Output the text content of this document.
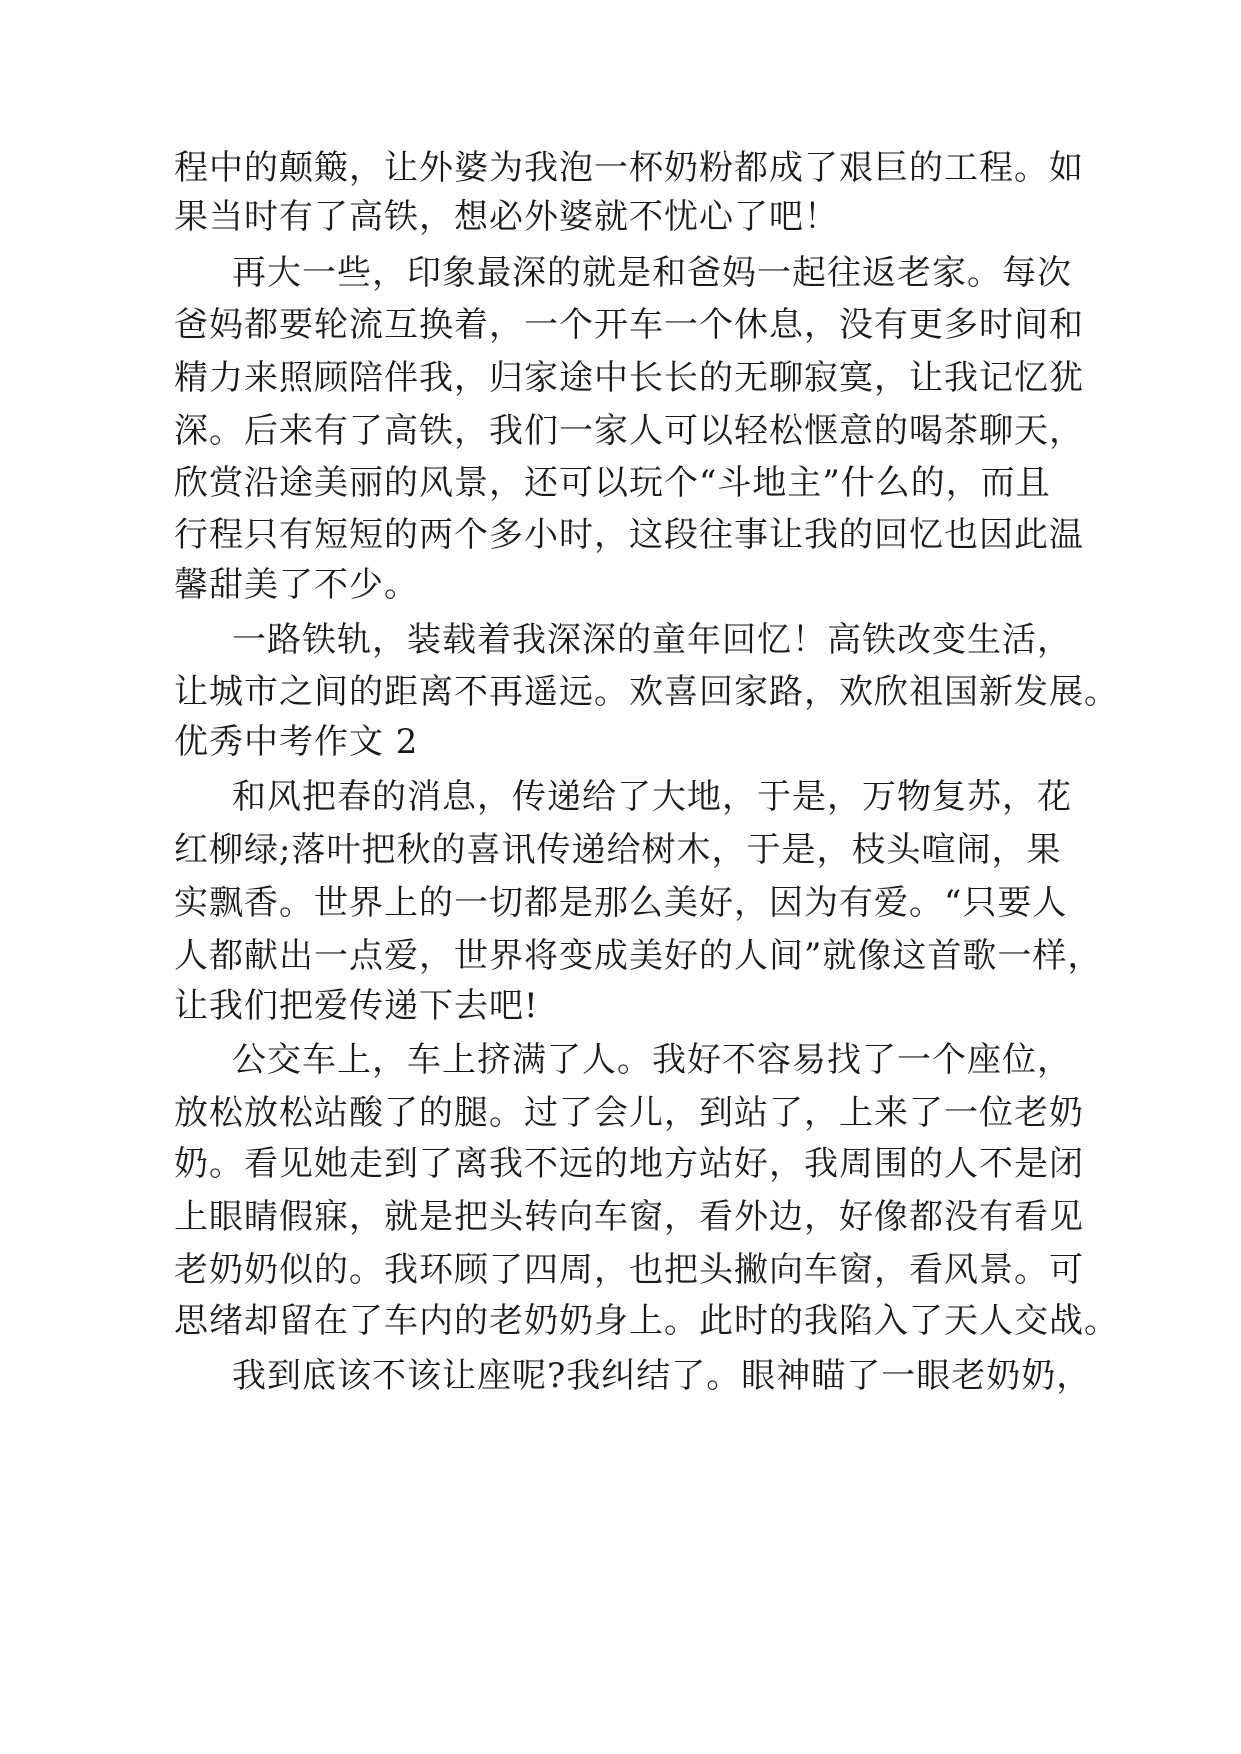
程中的颠簸，让外婆为我泡一杯奶粉都成了艰巨的工程。如
果当时有了高铁，想必外婆就不忧心了吧！
再大一些，印象最深的就是和爸妈一起往返老家。每次
爸妈都要轮流互换着，一个开车一个休息，没有更多时间和
精力来照顾陪伴我，归家途中长长的无聊寂寞，让我记忆犹
深。后来有了高铁，我们一家人可以轻松惬意的喝茶聊天，
欣赏沿途美丽的风景，还可以玩个“斗地主”什么的，而且
行程只有短短的两个多小时，这段往事让我的回忆也因此温
馨甜美了不少。
一路铁轨，装载着我深深的童年回忆！高铁改变生活，
让城市之间的距离不再遥远。欢喜回家路，欢欣祖国新发展。
优秀中考作文 2
和风把春的消息，传递给了大地，于是，万物复苏，花
红柳绿;落叶把秋的喜讯传递给树木，于是，枝头喧闹，果
实飘香。世界上的一切都是那么美好，因为有爱。“只要人
人都献出一点爱，世界将变成美好的人间”就像这首歌一样，
让我们把爱传递下去吧!
公交车上，车上挤满了人。我好不容易找了一个座位，
放松放松站酸了的腿。过了会儿，到站了，上来了一位老奶
奶。看见她走到了离我不远的地方站好，我周围的人不是闭
上眼睛假寐，就是把头转向车窗，看外边，好像都没有看见
老奶奶似的。我环顾了四周，也把头撇向车窗，看风景。可
思绪却留在了车内的老奶奶身上。此时的我陷入了天人交战。
我到底该不该让座呢?我纠结了。眼神瞄了一眼老奶奶，
